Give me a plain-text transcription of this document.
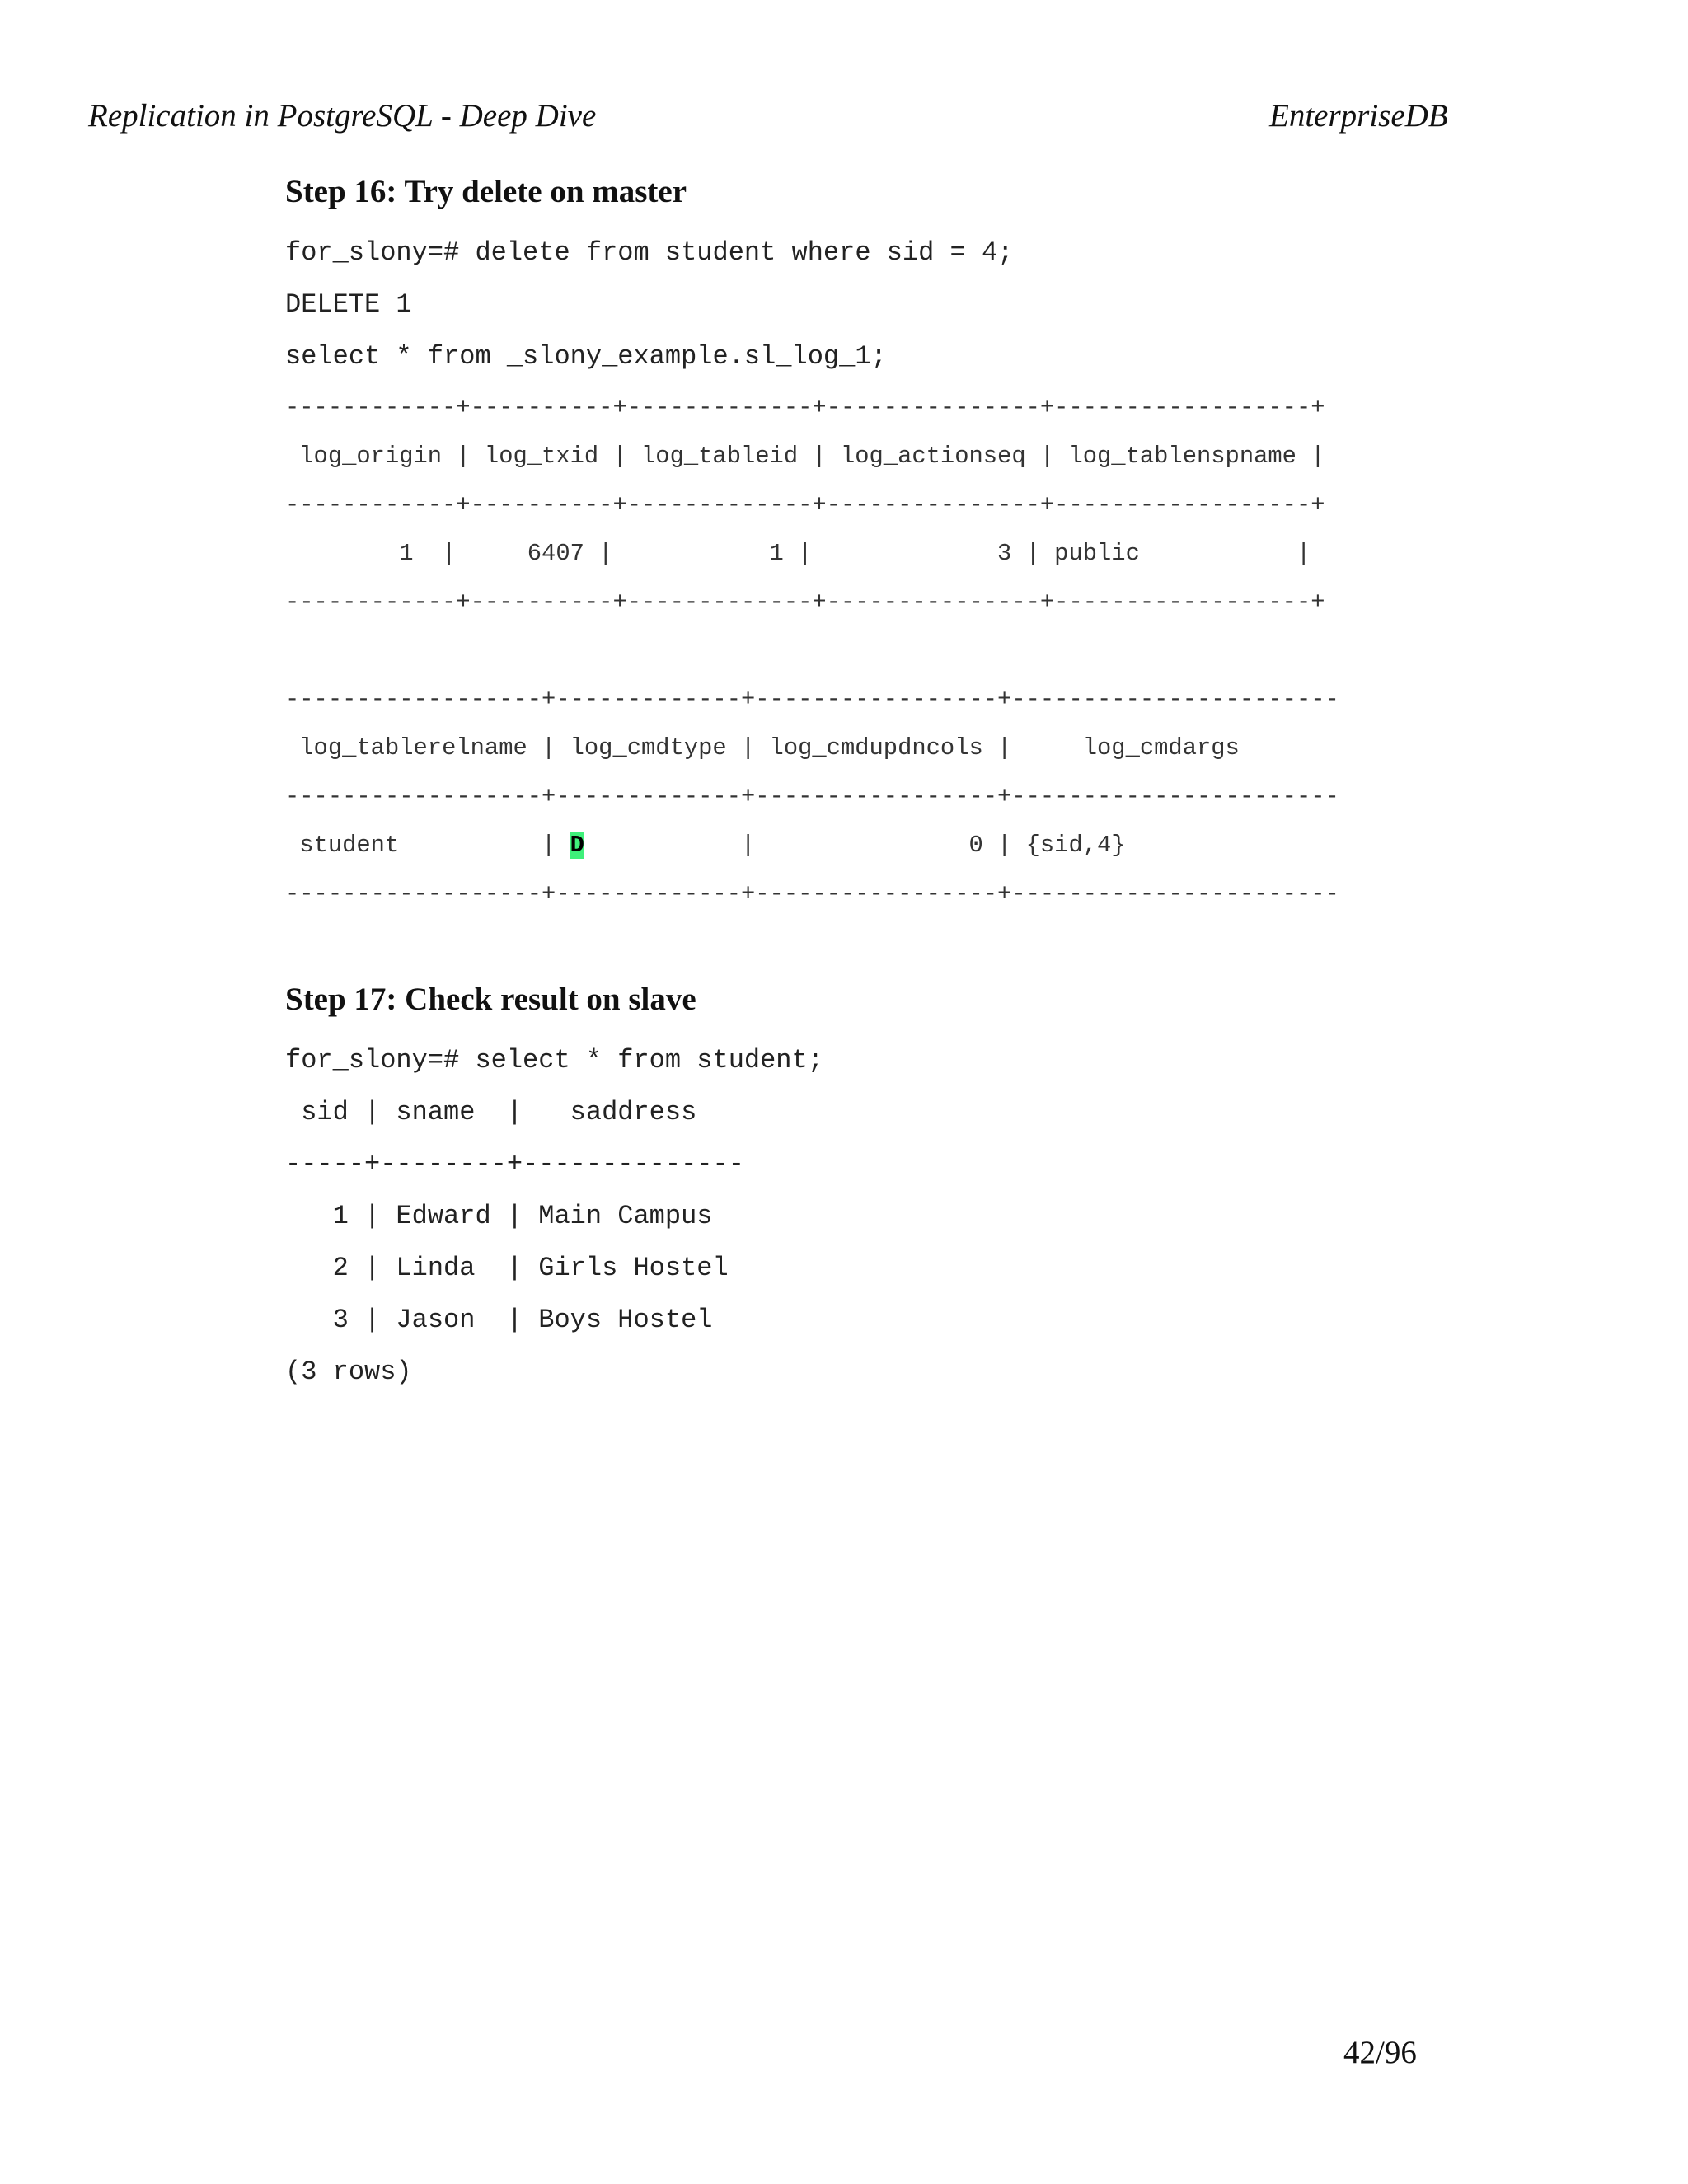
Replication in PostgreSQL - Deep Dive	EnterpriseDB
Step 16: Try delete on master
for_slony=# delete from student where sid = 4;
DELETE 1
select * from _slony_example.sl_log_1;
------------+----------+-------------+---------------+------------------+
log_origin | log_txid | log_tableid | log_actionseq | log_tablenspname |
------------+----------+-------------+---------------+------------------+
1  |     6407 |           1 |             3 | public           |
------------+----------+-------------+---------------+------------------+
------------------+-------------+-----------------+-----------------------
log_tablerelname | log_cmdtype | log_cmdupdncols |     log_cmdargs
------------------+-------------+-----------------+-----------------------
student          | D           |               0 | {sid,4}
------------------+-------------+-----------------+-----------------------
Step 17: Check result on slave
for_slony=# select * from student;
sid | sname  |   saddress
-----+--------+--------------
1 | Edward | Main Campus
2 | Linda  | Girls Hostel
3 | Jason  | Boys Hostel
(3 rows)
42/96
